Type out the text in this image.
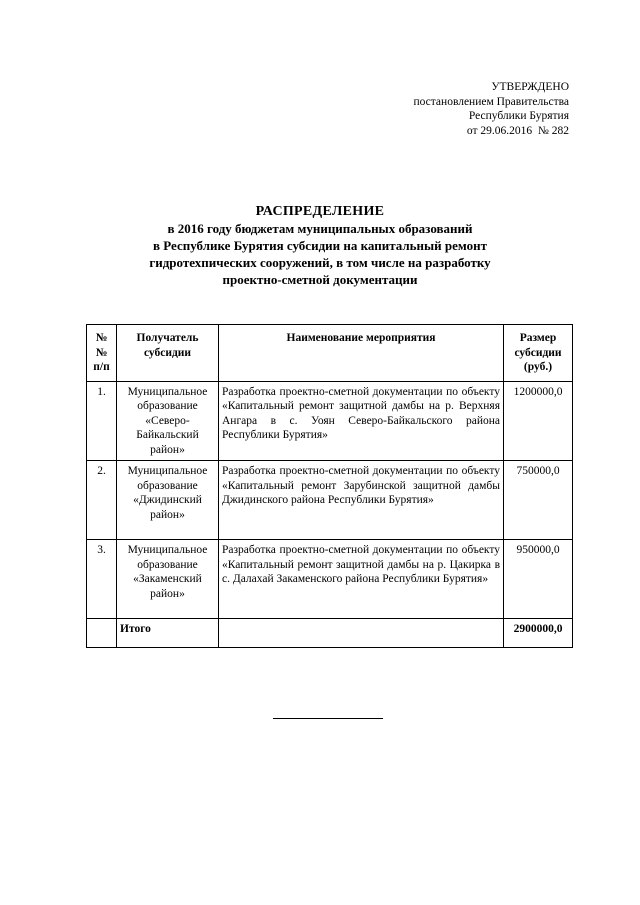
УТВЕРЖДЕНО
постановлением Правительства
Республики Бурятия
от 29.06.2016  № 282
РАСПРЕДЕЛЕНИЕ
в 2016 году бюджетам муниципальных образований
в Республике Бурятия субсидии на капитальный ремонт
гидротехпических сооружений, в том числе на разработку
проектно-сметной документации
№№ п/п	Получатель субсидии	Наименование мероприятия	Размер субсидии (руб.)
1.	Муниципальное образование «Северо-Байкальский район»	Разработка проектно-сметной документации по объекту «Капитальный ремонт защитной дамбы на р. Верхняя Ангара в с. Уоян Северо-Байкальского района Республики Бурятия»	1200000,0
2.	Муниципальное образование «Джидинский район»	Разработка проектно-сметной документации по объекту «Капитальный ремонт Зарубинской защитной дамбы Джидинского района Республики Бурятия»	750000,0
3.	Муниципальное образование «Закаменский район»	Разработка проектно-сметной документации по объекту «Капитальный ремонт защитной дамбы на р. Цакирка в с. Далахай Закаменского района Республики Бурятия»	950000,0
	Итого		2900000,0
